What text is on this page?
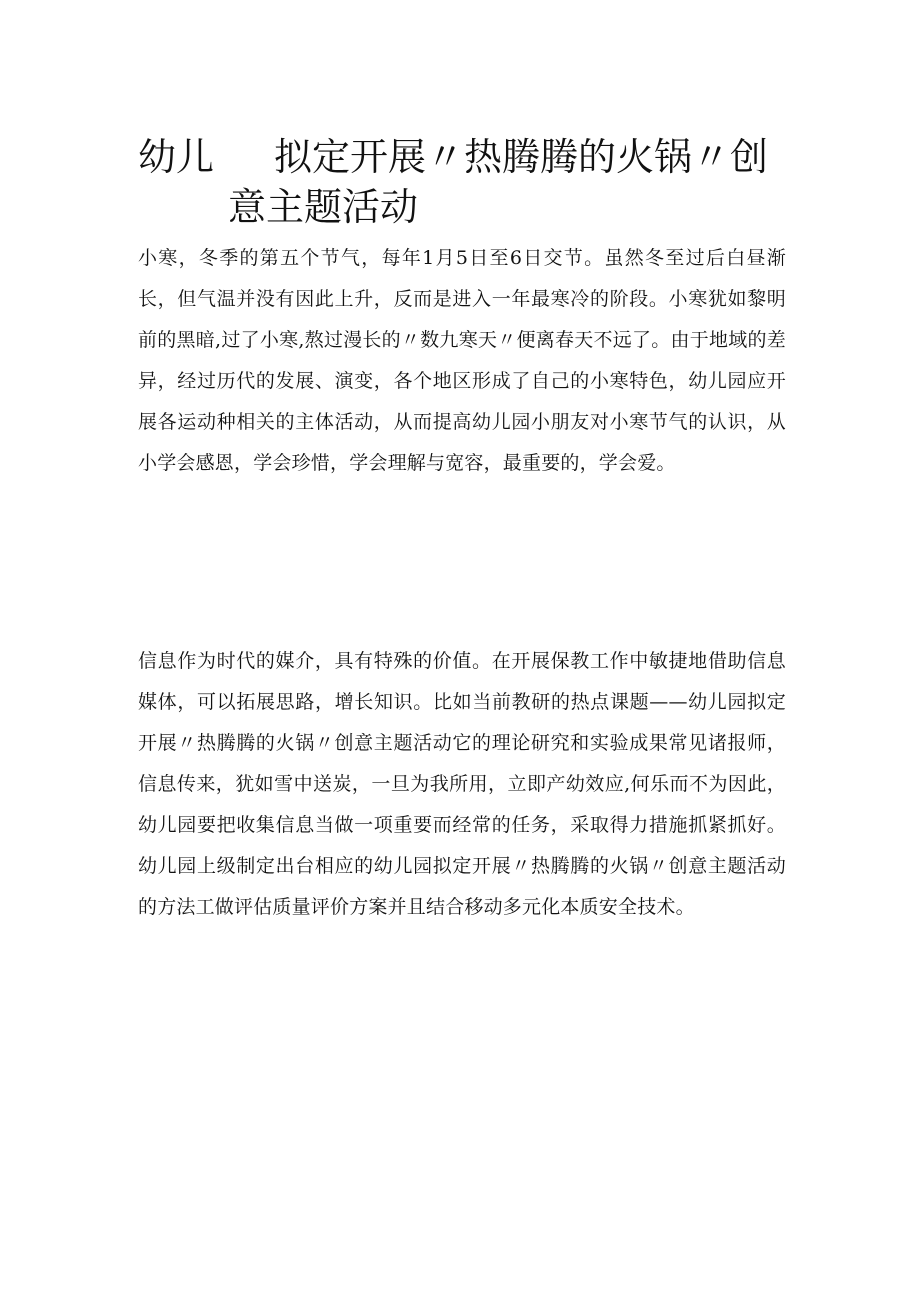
幼儿 拟定开展〃热腾腾的火锅〃创
意主题活动

小寒，冬季的第五个节气，每年1月5日至6日交节。虽然冬至过后白昼渐长，但气温并没有因此上升，反而是进入一年最寒冷的阶段。小寒犹如黎明前的黑暗,过了小寒,熬过漫长的〃数九寒天〃便离春天不远了。由于地域的差异，经过历代的发展、演变，各个地区形成了自己的小寒特色，幼儿园应开展各运动种相关的主体活动，从而提高幼儿园小朋友对小寒节气的认识，从小学会感恩，学会珍惜，学会理解与宽容，最重要的，学会爱。

信息作为时代的媒介，具有特殊的价值。在开展保教工作中敏捷地借助信息媒体，可以拓展思路，增长知识。比如当前教研的热点课题——幼儿园拟定开展〃热腾腾的火锅〃创意主题活动它的理论研究和实验成果常见诸报师，信息传来，犹如雪中送炭，一旦为我所用，立即产幼效应,何乐而不为因此，幼儿园要把收集信息当做一项重要而经常的任务，采取得力措施抓紧抓好。幼儿园上级制定出台相应的幼儿园拟定开展〃热腾腾的火锅〃创意主题活动的方法工做评估质量评价方案并且结合移动多元化本质安全技术。
